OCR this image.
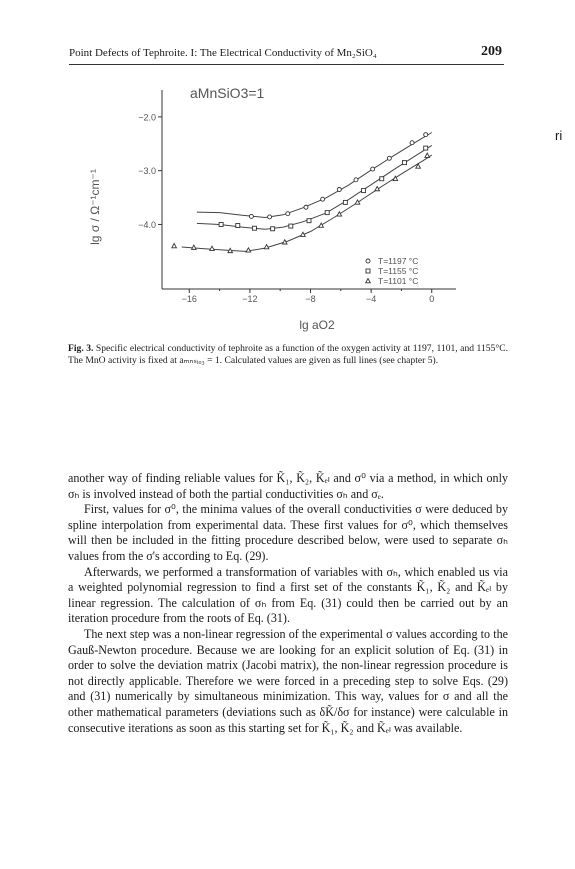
Point Defects of Tephroite. I: The Electrical Conductivity of Mn₂SiO₄	209
ri
−2.0
−3.0
−4.0
−16	−12	−8	−4	0
T=1197 °C
T=1155 °C
T=1101 °C
aMnSiO3=1
lg aO2
lg σ / Ω⁻¹cm⁻¹
Fig. 3. Specific electrical conductivity of tephroite as a function of the oxygen activity at 1197, 1101, and 1155°C. The MnO activity is fixed at aₘₙₛᵢₒ₃ = 1. Calculated values are given as full lines (see chapter 5).

another way of finding reliable values for K̃₁, K̃₂, K̃ₑₗ and σ⁰ via a method, in which only σₕ is involved instead of both the partial conductivities σₕ and σₑ.

First, values for σ⁰, the minima values of the overall conductivities σ were deduced by spline interpolation from experimental data. These first values for σ⁰, which themselves will then be included in the fitting procedure described below, were used to separate σₕ values from the σ's according to Eq. (29).

Afterwards, we performed a transformation of variables with σₕ, which enabled us via a weighted polynomial regression to find a first set of the constants K̃₁, K̃₂ and K̃ₑₗ by linear regression. The calculation of σₕ from Eq. (31) could then be carried out by an iteration procedure from the roots of Eq. (31).

The next step was a non-linear regression of the experimental σ values according to the Gauß-Newton procedure. Because we are looking for an explicit solution of Eq. (31) in order to solve the deviation matrix (Jacobi matrix), the non-linear regression procedure is not directly applicable. Therefore we were forced in a preceding step to solve Eqs. (29) and (31) numerically by simultaneous minimization. This way, values for σ and all the other mathematical parameters (deviations such as δK̃/δσ for instance) were calculable in consecutive iterations as soon as this starting set for K̃₁, K̃₂ and K̃ₑₗ was available.
